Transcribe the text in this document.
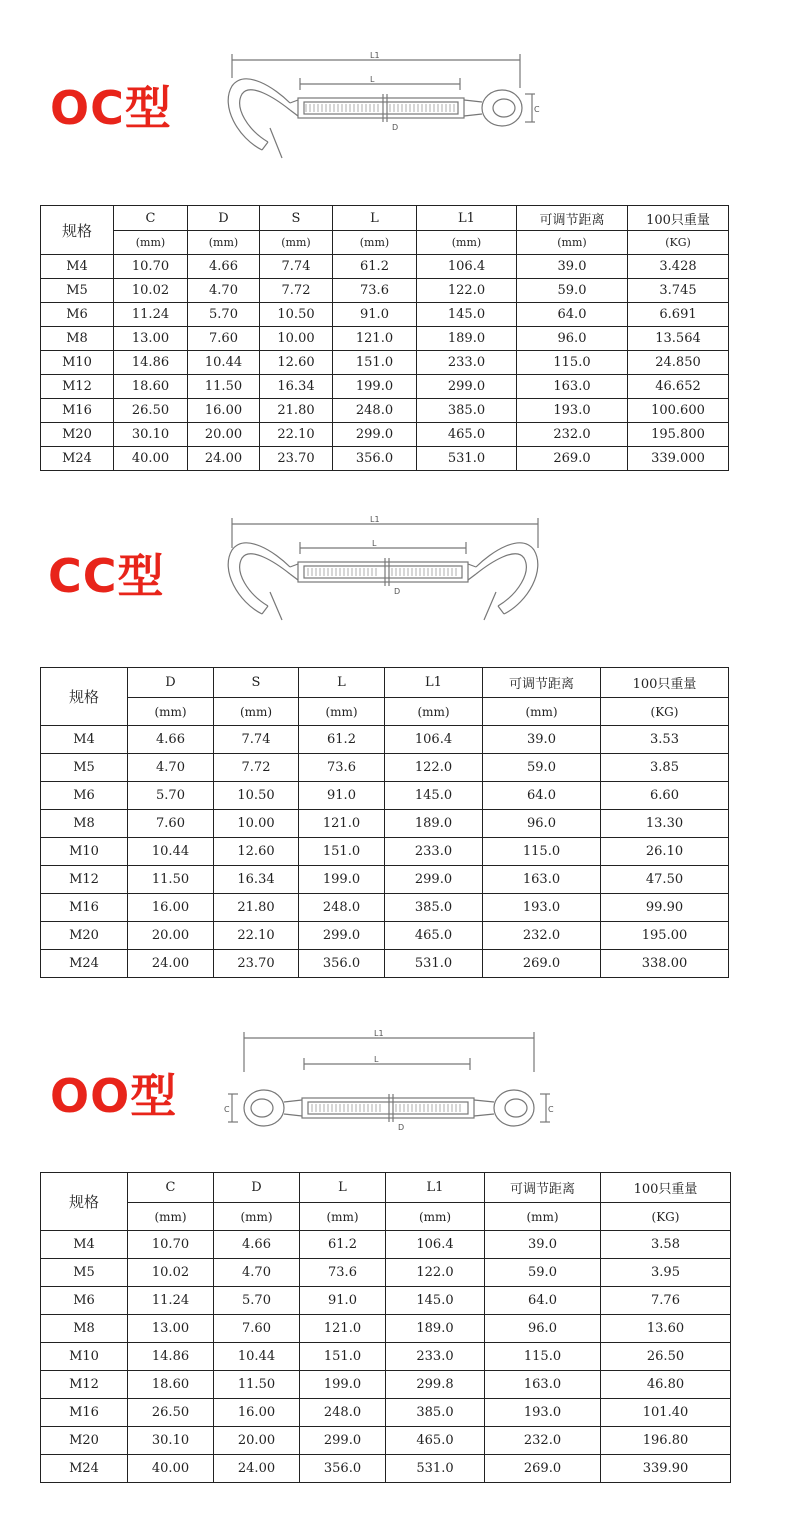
OC型
L1
L
C
D
规格	C	D	S	L	L1	可调节距离	100只重量
	(mm)	(mm)	(mm)	(mm)	(mm)	(mm)	(KG)
M4	10.70	4.66	7.74	61.2	106.4	39.0	3.428
M5	10.02	4.70	7.72	73.6	122.0	59.0	3.745
M6	11.24	5.70	10.50	91.0	145.0	64.0	6.691
M8	13.00	7.60	10.00	121.0	189.0	96.0	13.564
M10	14.86	10.44	12.60	151.0	233.0	115.0	24.850
M12	18.60	11.50	16.34	199.0	299.0	163.0	46.652
M16	26.50	16.00	21.80	248.0	385.0	193.0	100.600
M20	30.10	20.00	22.10	299.0	465.0	232.0	195.800
M24	40.00	24.00	23.70	356.0	531.0	269.0	339.000
CC型
L1
L
D
规格	D	S	L	L1	可调节距离	100只重量
	(mm)	(mm)	(mm)	(mm)	(mm)	(KG)
M4	4.66	7.74	61.2	106.4	39.0	3.53
M5	4.70	7.72	73.6	122.0	59.0	3.85
M6	5.70	10.50	91.0	145.0	64.0	6.60
M8	7.60	10.00	121.0	189.0	96.0	13.30
M10	10.44	12.60	151.0	233.0	115.0	26.10
M12	11.50	16.34	199.0	299.0	163.0	47.50
M16	16.00	21.80	248.0	385.0	193.0	99.90
M20	20.00	22.10	299.0	465.0	232.0	195.00
M24	24.00	23.70	356.0	531.0	269.0	338.00
OO型
L1
L
C	C
D
规格	C	D	L	L1	可调节距离	100只重量
	(mm)	(mm)	(mm)	(mm)	(mm)	(KG)
M4	10.70	4.66	61.2	106.4	39.0	3.58
M5	10.02	4.70	73.6	122.0	59.0	3.95
M6	11.24	5.70	91.0	145.0	64.0	7.76
M8	13.00	7.60	121.0	189.0	96.0	13.60
M10	14.86	10.44	151.0	233.0	115.0	26.50
M12	18.60	11.50	199.0	299.8	163.0	46.80
M16	26.50	16.00	248.0	385.0	193.0	101.40
M20	30.10	20.00	299.0	465.0	232.0	196.80
M24	40.00	24.00	356.0	531.0	269.0	339.90
